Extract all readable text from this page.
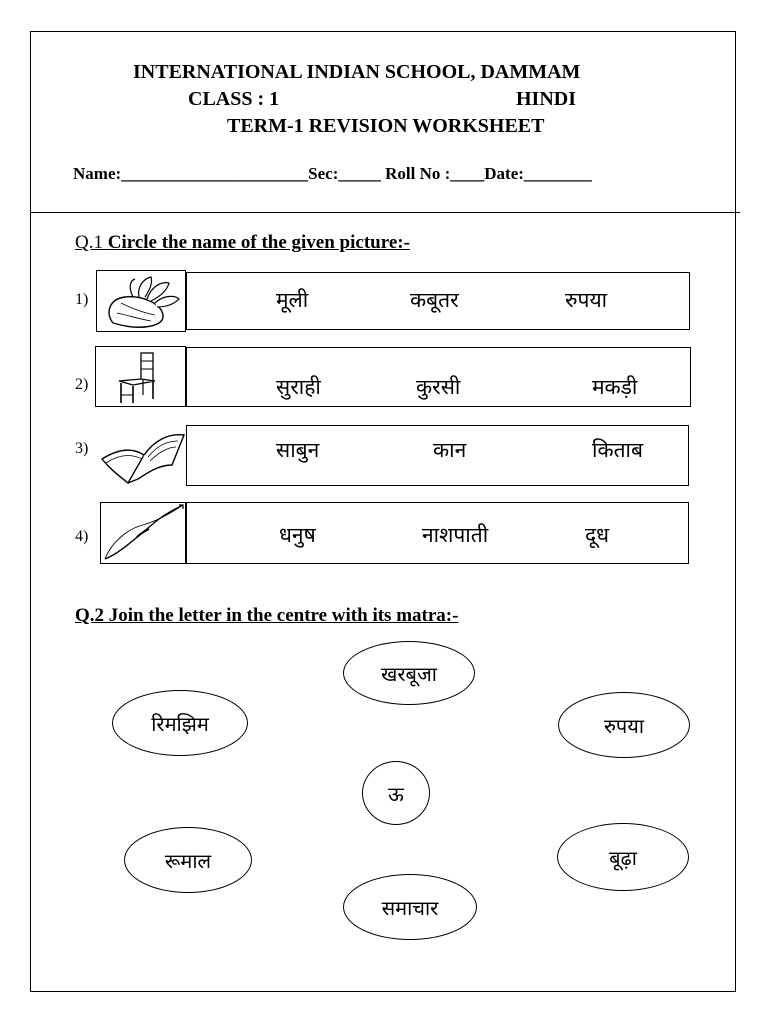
INTERNATIONAL INDIAN SCHOOL, DAMMAM
CLASS : 1	HINDI
TERM-1 REVISION WORKSHEET
Name:______________________Sec:_____ Roll No :____Date:________
Q.1 Circle the name of the given picture:-
1)	मूली	कबूतर	रुपया
2)	सुराही	कुरसी	मकड़ी
3)	साबुन	कान	किताब
4)	धनुष	नाशपाती	दूध
Q.2 Join the letter in the centre with its matra:-
खरबूजा
रिमझिम	रुपया
ऊ
रूमाल	बूढ़ा
समाचार
